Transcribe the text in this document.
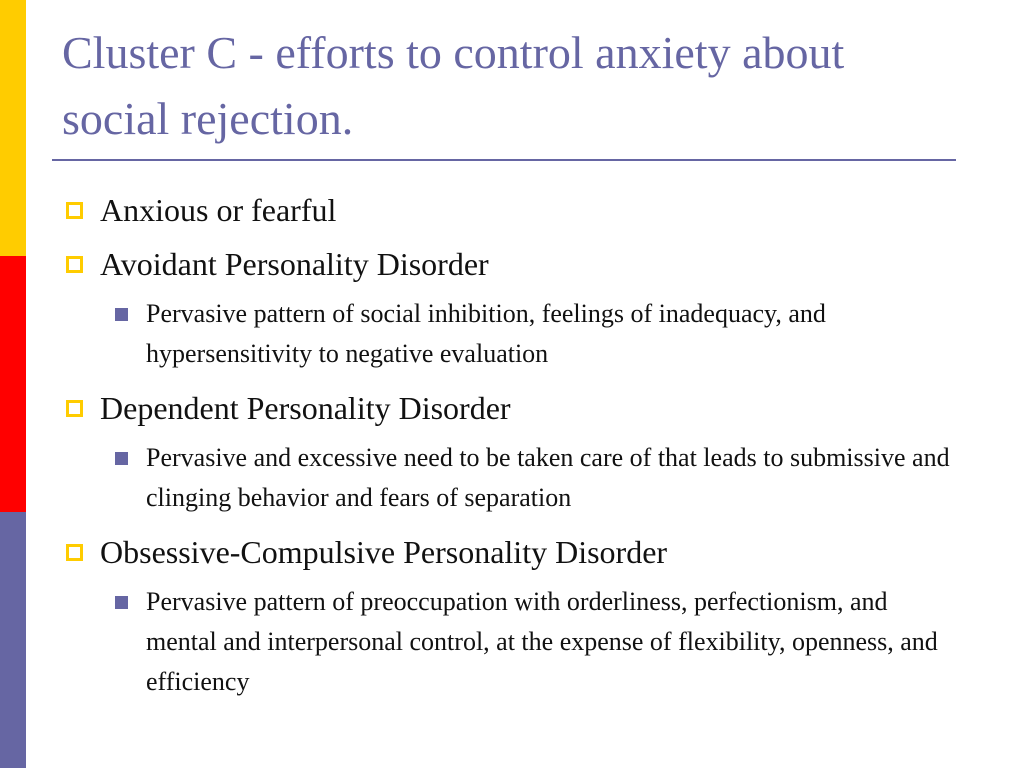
Cluster C - efforts to control anxiety about social rejection.
Anxious or fearful
Avoidant Personality Disorder
Pervasive pattern of social inhibition, feelings of inadequacy, and hypersensitivity to negative evaluation
Dependent Personality Disorder
Pervasive and excessive need to be taken care of that leads to submissive and clinging behavior and fears of separation
Obsessive-Compulsive Personality Disorder
Pervasive pattern of preoccupation with orderliness, perfectionism, and mental and interpersonal control, at the expense of flexibility, openness, and efficiency
